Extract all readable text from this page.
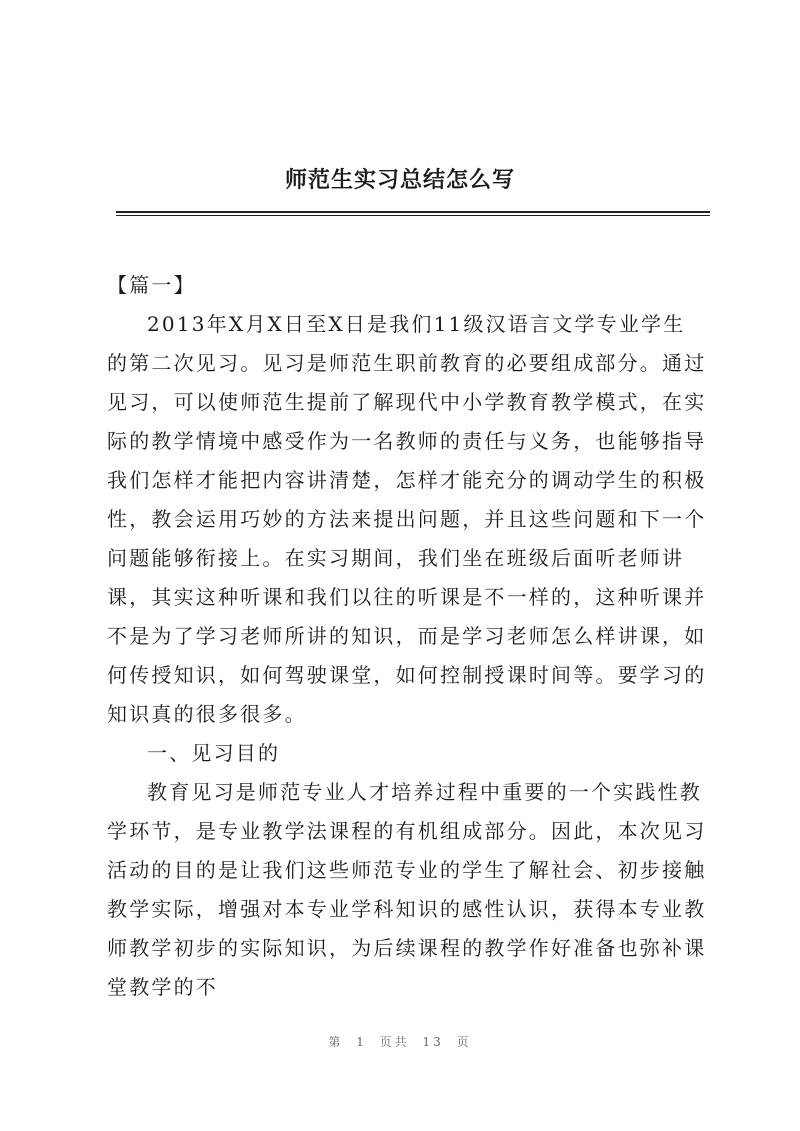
师范生实习总结怎么写

【篇一】

2013年X月X日至X日是我们11级汉语言文学专业学生的第二次见习。见习是师范生职前教育的必要组成部分。通过见习，可以使师范生提前了解现代中小学教育教学模式，在实际的教学情境中感受作为一名教师的责任与义务，也能够指导我们怎样才能把内容讲清楚，怎样才能充分的调动学生的积极性，教会运用巧妙的方法来提出问题，并且这些问题和下一个问题能够衔接上。在实习期间，我们坐在班级后面听老师讲课，其实这种听课和我们以往的听课是不一样的，这种听课并不是为了学习老师所讲的知识，而是学习老师怎么样讲课，如何传授知识，如何驾驶课堂，如何控制授课时间等。要学习的知识真的很多很多。

一、见习目的

教育见习是师范专业人才培养过程中重要的一个实践性教学环节，是专业教学法课程的有机组成部分。因此，本次见习活动的目的是让我们这些师范专业的学生了解社会、初步接触教学实际，增强对本专业学科知识的感性认识，获得本专业教师教学初步的实际知识，为后续课程的教学作好准备也弥补课堂教学的不

第 1 页共 13 页
